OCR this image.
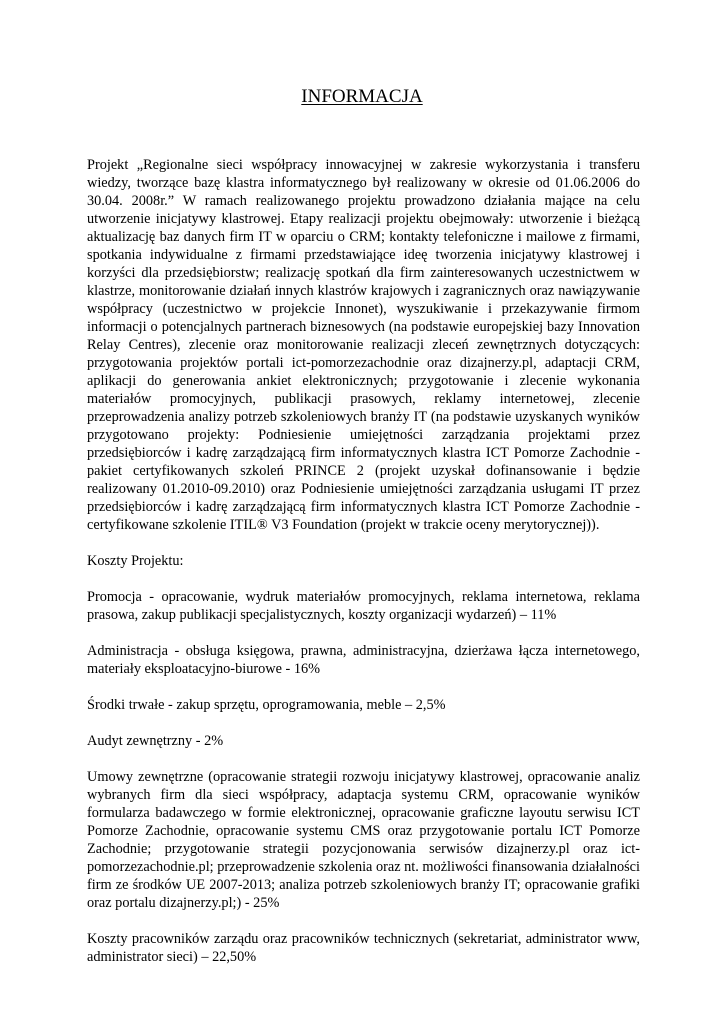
INFORMACJA

Projekt „Regionalne sieci współpracy innowacyjnej w zakresie wykorzystania i transferu wiedzy, tworzące bazę klastra informatycznego był realizowany w okresie od 01.06.2006 do 30.04. 2008r.” W ramach realizowanego projektu prowadzono działania mające na celu utworzenie inicjatywy klastrowej. Etapy realizacji projektu obejmowały: utworzenie i bieżącą aktualizację baz danych firm IT w oparciu o CRM; kontakty telefoniczne i mailowe z firmami, spotkania indywidualne z firmami przedstawiające ideę tworzenia inicjatywy klastrowej i korzyści dla przedsiębiorstw; realizację spotkań dla firm zainteresowanych uczestnictwem w klastrze, monitorowanie działań innych klastrów krajowych i zagranicznych oraz nawiązywanie współpracy (uczestnictwo w projekcie Innonet), wyszukiwanie i przekazywanie firmom informacji o potencjalnych partnerach biznesowych (na podstawie europejskiej bazy Innovation Relay Centres), zlecenie oraz monitorowanie realizacji zleceń zewnętrznych dotyczących: przygotowania projektów portali ict-pomorzezachodnie oraz dizajnerzy.pl, adaptacji CRM, aplikacji do generowania ankiet elektronicznych; przygotowanie i zlecenie wykonania materiałów promocyjnych, publikacji prasowych, reklamy internetowej, zlecenie przeprowadzenia analizy potrzeb szkoleniowych branży IT (na podstawie uzyskanych wyników przygotowano projekty: Podniesienie umiejętności zarządzania projektami przez przedsiębiorców i kadrę zarządzającą firm informatycznych klastra ICT Pomorze Zachodnie - pakiet certyfikowanych szkoleń PRINCE 2 (projekt uzyskał dofinansowanie i będzie realizowany 01.2010-09.2010) oraz Podniesienie umiejętności zarządzania usługami IT przez przedsiębiorców i kadrę zarządzającą firm informatycznych klastra ICT Pomorze Zachodnie - certyfikowane szkolenie ITIL® V3 Foundation (projekt w trakcie oceny merytorycznej)).

Koszty Projektu:

Promocja - opracowanie, wydruk materiałów promocyjnych, reklama internetowa, reklama prasowa, zakup publikacji specjalistycznych, koszty organizacji wydarzeń) – 11%

Administracja - obsługa księgowa, prawna, administracyjna, dzierżawa łącza internetowego, materiały eksploatacyjno-biurowe - 16%

Środki trwałe - zakup sprzętu, oprogramowania, meble – 2,5%

Audyt zewnętrzny - 2%

Umowy zewnętrzne (opracowanie strategii rozwoju inicjatywy klastrowej, opracowanie analiz wybranych firm dla sieci współpracy, adaptacja systemu CRM, opracowanie wyników formularza badawczego w formie elektronicznej, opracowanie graficzne layoutu serwisu ICT Pomorze Zachodnie, opracowanie systemu CMS oraz przygotowanie portalu ICT Pomorze Zachodnie; przygotowanie strategii pozycjonowania serwisów dizajnerzy.pl oraz ict-pomorzezachodnie.pl; przeprowadzenie szkolenia oraz nt. możliwości finansowania działalności firm ze środków UE 2007-2013; analiza potrzeb szkoleniowych branży IT; opracowanie grafiki oraz portalu dizajnerzy.pl;) - 25%

Koszty pracowników zarządu oraz pracowników technicznych (sekretariat, administrator www, administrator sieci) – 22,50%
